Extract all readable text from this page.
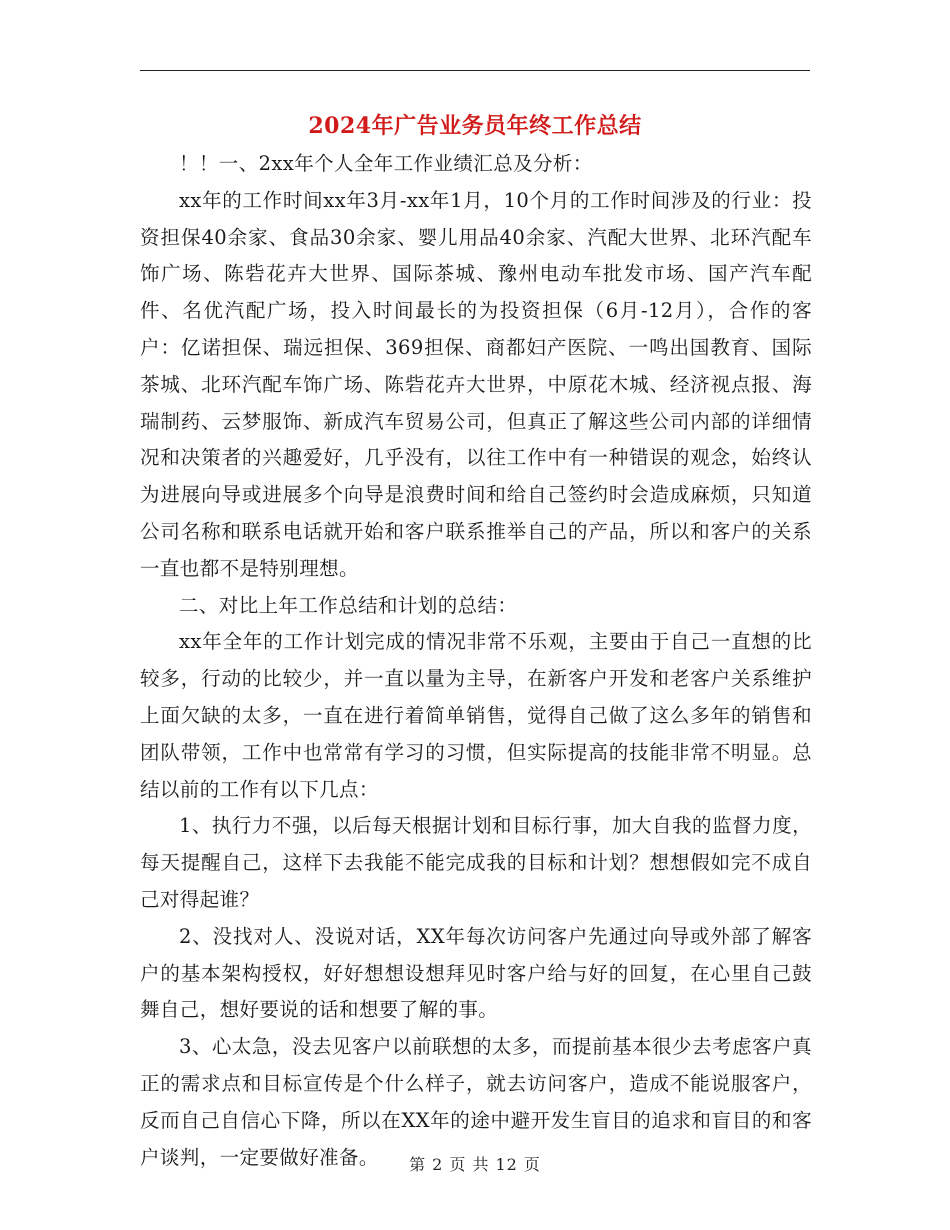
2024年广告业务员年终工作总结

！！一、2xx年个人全年工作业绩汇总及分析：

xx年的工作时间xx年3月-xx年1月，10个月的工作时间涉及的行业：投资担保40余家、食品30余家、婴儿用品40余家、汽配大世界、北环汽配车饰广场、陈砦花卉大世界、国际茶城、豫州电动车批发市场、国产汽车配件、名优汽配广场，投入时间最长的为投资担保（6月-12月），合作的客户：亿诺担保、瑞远担保、369担保、商都妇产医院、一鸣出国教育、国际茶城、北环汽配车饰广场、陈砦花卉大世界，中原花木城、经济视点报、海瑞制药、云梦服饰、新成汽车贸易公司，但真正了解这些公司内部的详细情况和决策者的兴趣爱好，几乎没有，以往工作中有一种错误的观念，始终认为进展向导或进展多个向导是浪费时间和给自己签约时会造成麻烦，只知道公司名称和联系电话就开始和客户联系推举自己的产品，所以和客户的关系一直也都不是特别理想。

二、对比上年工作总结和计划的总结：

xx年全年的工作计划完成的情况非常不乐观，主要由于自己一直想的比较多，行动的比较少，并一直以量为主导，在新客户开发和老客户关系维护上面欠缺的太多，一直在进行着简单销售，觉得自己做了这么多年的销售和团队带领，工作中也常常有学习的习惯，但实际提高的技能非常不明显。总结以前的工作有以下几点：

1、执行力不强，以后每天根据计划和目标行事，加大自我的监督力度，每天提醒自己，这样下去我能不能完成我的目标和计划？想想假如完不成自己对得起谁？

2、没找对人、没说对话，XX年每次访问客户先通过向导或外部了解客户的基本架构授权，好好想想设想拜见时客户给与好的回复，在心里自己鼓舞自己，想好要说的话和想要了解的事。

3、心太急，没去见客户以前联想的太多，而提前基本很少去考虑客户真正的需求点和目标宣传是个什么样子，就去访问客户，造成不能说服客户，反而自己自信心下降，所以在XX年的途中避开发生盲目的追求和盲目的和客户谈判，一定要做好准备。	第 2 页 共 12 页
